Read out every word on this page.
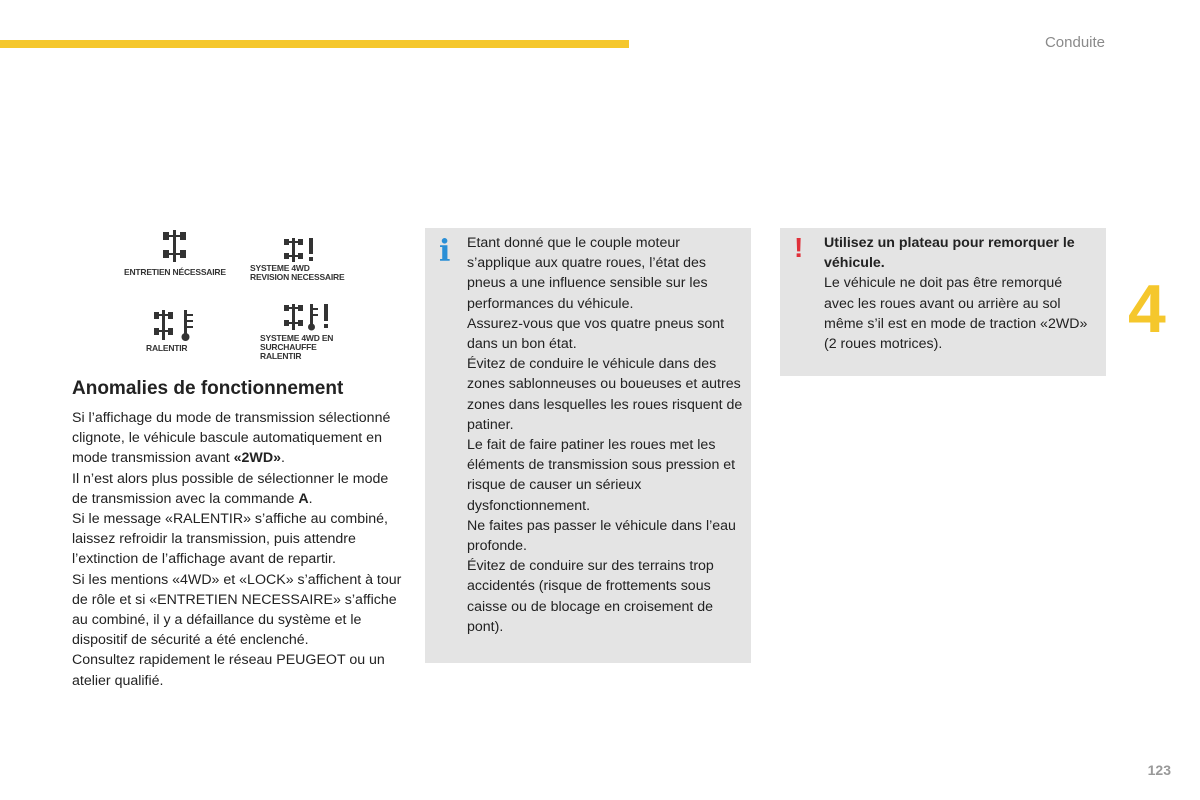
Conduite
4
123
ENTRETIEN NÉCESSAIRE	SYSTEME 4WD REVISION NECESSAIRE
RALENTIR
SYSTEME 4WD EN SURCHAUFFE RALENTIR
Anomalies de fonctionnement

Si l’affichage du mode de transmission sélectionné clignote, le véhicule bascule automatiquement en mode transmission avant «2WD».

Il n’est alors plus possible de sélectionner le mode de transmission avec la commande A.

Si le message «RALENTIR» s’affiche au combiné, laissez refroidir la transmission, puis attendre l’extinction de l’affichage avant de repartir.

Si les mentions «4WD» et «LOCK» s’affichent à tour de rôle et si «ENTRETIEN NECESSAIRE» s’affiche au combiné, il y a défaillance du système et le dispositif de sécurité a été enclenché.

Consultez rapidement le réseau PEUGEOT ou un atelier qualifié.

i Etant donné que le couple moteur s’applique aux quatre roues, l’état des pneus a une influence sensible sur les performances du véhicule.

Assurez-vous que vos quatre pneus sont dans un bon état.

Évitez de conduire le véhicule dans des zones sablonneuses ou boueuses et autres zones dans lesquelles les roues risquent de patiner.

Le fait de faire patiner les roues met les éléments de transmission sous pression et risque de causer un sérieux dysfonctionnement.

Ne faites pas passer le véhicule dans l’eau profonde.

Évitez de conduire sur des terrains trop accidentés (risque de frottements sous caisse ou de blocage en croisement de pont).

! Utilisez un plateau pour remorquer le véhicule.

Le véhicule ne doit pas être remorqué avec les roues avant ou arrière au sol même s’il est en mode de traction «2WD» (2 roues motrices).
